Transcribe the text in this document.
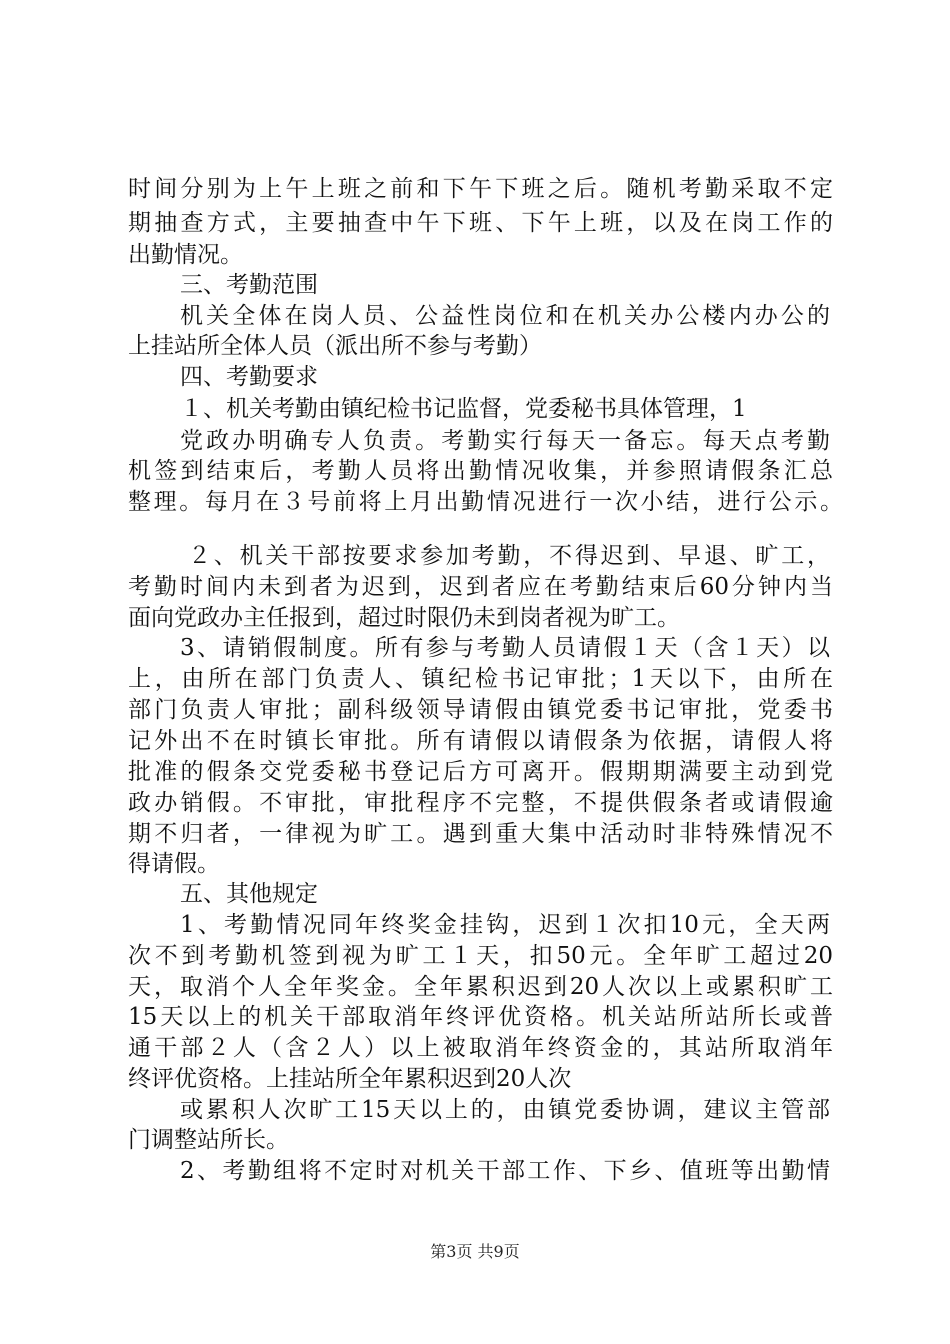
时间分别为上午上班之前和下午下班之后。随机考勤采取不定
期抽查方式，主要抽查中午下班、下午上班，以及在岗工作的
出勤情况。
三、考勤范围
机关全体在岗人员、公益性岗位和在机关办公楼内办公的
上挂站所全体人员（派出所不参与考勤）
四、考勤要求
１、机关考勤由镇纪检书记监督，党委秘书具体管理，1
党政办明确专人负责。考勤实行每天一备忘。每天点考勤
机签到结束后，考勤人员将出勤情况收集，并参照请假条汇总
整理。每月在３号前将上月出勤情况进行一次小结，进行公示。
２、机关干部按要求参加考勤，不得迟到、早退、旷工，
考勤时间内未到者为迟到，迟到者应在考勤结束后60分钟内当
面向党政办主任报到，超过时限仍未到岗者视为旷工。
3、请销假制度。所有参与考勤人员请假１天（含１天）以
上，由所在部门负责人、镇纪检书记审批；1天以下，由所在
部门负责人审批；副科级领导请假由镇党委书记审批，党委书
记外出不在时镇长审批。所有请假以请假条为依据，请假人将
批准的假条交党委秘书登记后方可离开。假期期满要主动到党
政办销假。不审批，审批程序不完整，不提供假条者或请假逾
期不归者，一律视为旷工。遇到重大集中活动时非特殊情况不
得请假。
五、其他规定
1、考勤情况同年终奖金挂钩，迟到１次扣10元，全天两
次不到考勤机签到视为旷工１天，扣50元。全年旷工超过20
天，取消个人全年奖金。全年累积迟到20人次以上或累积旷工
15天以上的机关干部取消年终评优资格。机关站所站所长或普
通干部２人（含２人）以上被取消年终资金的，其站所取消年
终评优资格。上挂站所全年累积迟到20人次
或累积人次旷工15天以上的，由镇党委协调，建议主管部
门调整站所长。
2、考勤组将不定时对机关干部工作、下乡、值班等出勤情
第3页 共9页
